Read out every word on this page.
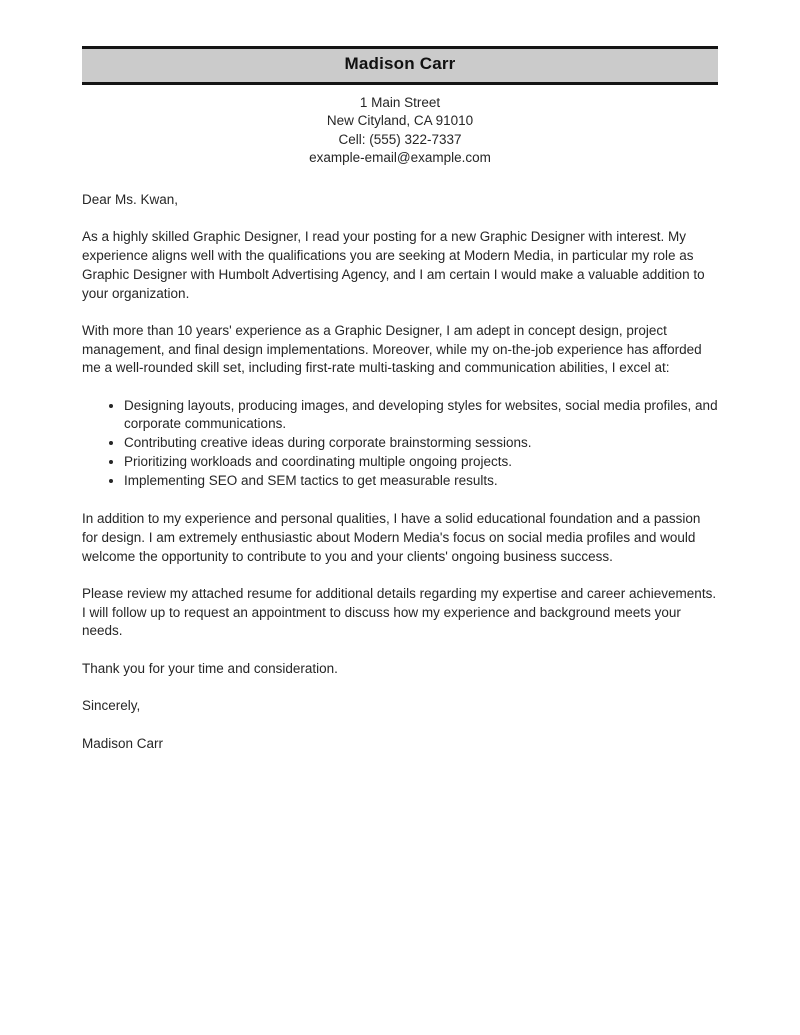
Madison Carr
1 Main Street
New Cityland, CA 91010
Cell: (555) 322-7337
example-email@example.com

Dear Ms. Kwan,

As a highly skilled Graphic Designer, I read your posting for a new Graphic Designer with interest. My experience aligns well with the qualifications you are seeking at Modern Media, in particular my role as Graphic Designer with Humbolt Advertising Agency, and I am certain I would make a valuable addition to your organization.

With more than 10 years' experience as a Graphic Designer, I am adept in concept design, project management, and final design implementations. Moreover, while my on-the-job experience has afforded me a well-rounded skill set, including first-rate multi-tasking and communication abilities, I excel at:

• Designing layouts, producing images, and developing styles for websites, social media profiles, and corporate communications.
• Contributing creative ideas during corporate brainstorming sessions.
• Prioritizing workloads and coordinating multiple ongoing projects.
• Implementing SEO and SEM tactics to get measurable results.

In addition to my experience and personal qualities, I have a solid educational foundation and a passion for design. I am extremely enthusiastic about Modern Media's focus on social media profiles and would welcome the opportunity to contribute to you and your clients' ongoing business success.

Please review my attached resume for additional details regarding my expertise and career achievements. I will follow up to request an appointment to discuss how my experience and background meets your needs.

Thank you for your time and consideration.

Sincerely,

Madison Carr
